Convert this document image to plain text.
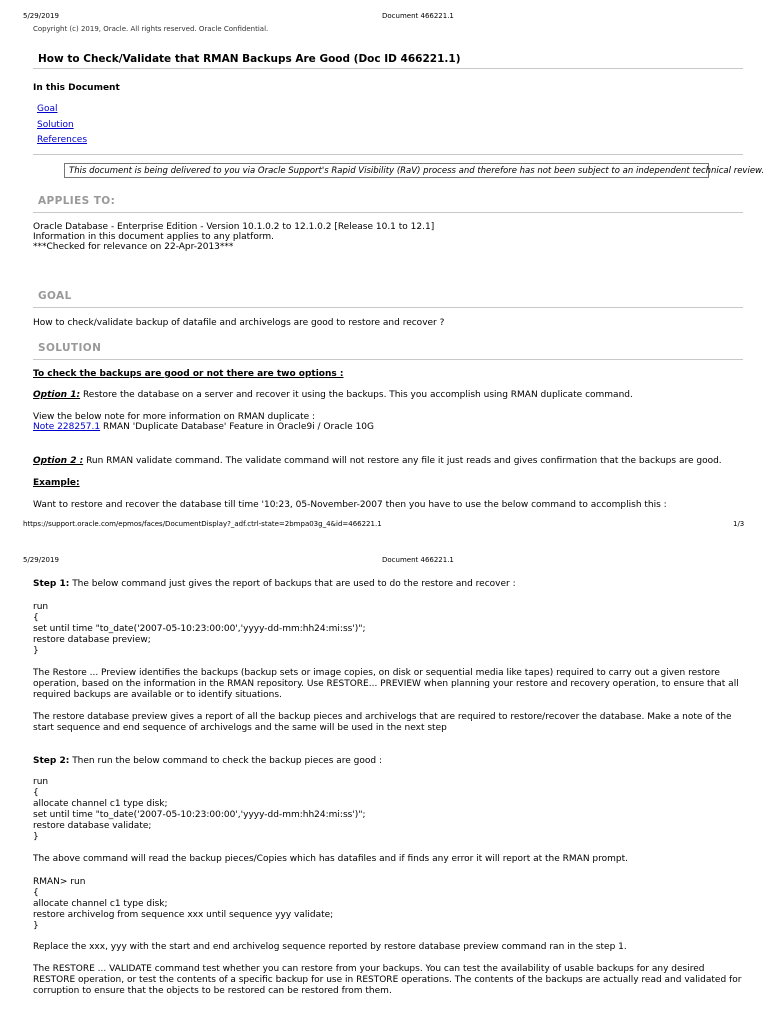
5/29/2019	Document 466221.1
Copyright (c) 2019, Oracle. All rights reserved. Oracle Confidential.
How to Check/Validate that RMAN Backups Are Good (Doc ID 466221.1)
In this Document
Goal
Solution
References
This document is being delivered to you via Oracle Support's Rapid Visibility (RaV) process and therefore has not been subject to an independent technical review.
APPLIES TO:
Oracle Database - Enterprise Edition - Version 10.1.0.2 to 12.1.0.2 [Release 10.1 to 12.1]
Information in this document applies to any platform.
***Checked for relevance on 22-Apr-2013***
GOAL
How to check/validate backup of datafile and archivelogs are good to restore and recover ?
SOLUTION
To check the backups are good or not there are two options :
Option 1: Restore the database on a server and recover it using the backups. This you accomplish using RMAN duplicate command.
View the below note for more information on RMAN duplicate :
Note 228257.1 RMAN 'Duplicate Database' Feature in Oracle9i / Oracle 10G
Option 2 : Run RMAN validate command. The validate command will not restore any file it just reads and gives confirmation that the backups are good.
Example:
Want to restore and recover the database till time '10:23, 05-November-2007 then you have to use the below command to accomplish this :
https://support.oracle.com/epmos/faces/DocumentDisplay?_adf.ctrl-state=2bmpa03g_4&id=466221.1	1/3
5/29/2019	Document 466221.1
Step 1: The below command just gives the report of backups that are used to do the restore and recover :
run
{
set until time "to_date('2007-05-10:23:00:00','yyyy-dd-mm:hh24:mi:ss')";
restore database preview;
}
The Restore ... Preview identifies the backups (backup sets or image copies, on disk or sequential media like tapes) required to carry out a given restore operation, based on the information in the RMAN repository. Use RESTORE... PREVIEW when planning your restore and recovery operation, to ensure that all required backups are available or to identify situations.
The restore database preview gives a report of all the backup pieces and archivelogs that are required to restore/recover the database. Make a note of the start sequence and end sequence of archivelogs and the same will be used in the next step
Step 2: Then run the below command to check the backup pieces are good :
run
{
allocate channel c1 type disk;
set until time "to_date('2007-05-10:23:00:00','yyyy-dd-mm:hh24:mi:ss')";
restore database validate;
}
The above command will read the backup pieces/Copies which has datafiles and if finds any error it will report at the RMAN prompt.
RMAN> run
{
allocate channel c1 type disk;
restore archivelog from sequence xxx until sequence yyy validate;
}
Replace the xxx, yyy with the start and end archivelog sequence reported by restore database preview command ran in the step 1.
The RESTORE ... VALIDATE command test whether you can restore from your backups. You can test the availability of usable backups for any desired RESTORE operation, or test the contents of a specific backup for use in RESTORE operations. The contents of the backups are actually read and validated for corruption to ensure that the objects to be restored can be restored from them.
